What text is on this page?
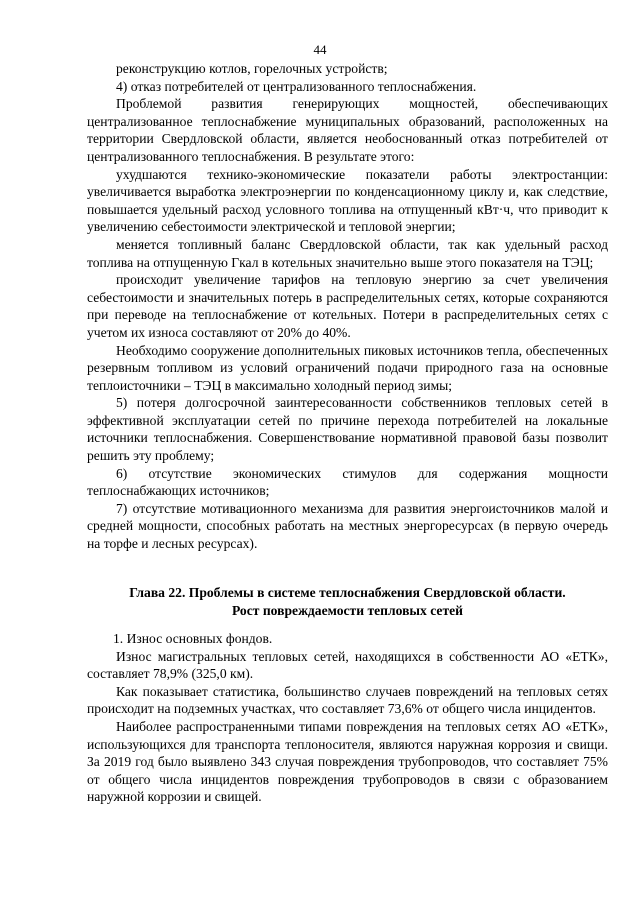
44

реконструкцию котлов, горелочных устройств;

4) отказ потребителей от централизованного теплоснабжения.

Проблемой развития генерирующих мощностей, обеспечивающих централизованное теплоснабжение муниципальных образований, расположенных на территории Свердловской области, является необоснованный отказ потребителей от централизованного теплоснабжения. В результате этого:

ухудшаются технико-экономические показатели работы электростанции: увеличивается выработка электроэнергии по конденсационному циклу и, как следствие, повышается удельный расход условного топлива на отпущенный кВт·ч, что приводит к увеличению себестоимости электрической и тепловой энергии;

меняется топливный баланс Свердловской области, так как удельный расход топлива на отпущенную Гкал в котельных значительно выше этого показателя на ТЭЦ;

происходит увеличение тарифов на тепловую энергию за счет увеличения себестоимости и значительных потерь в распределительных сетях, которые сохраняются при переводе на теплоснабжение от котельных. Потери в распределительных сетях с учетом их износа составляют от 20% до 40%.

Необходимо сооружение дополнительных пиковых источников тепла, обеспеченных резервным топливом из условий ограничений подачи природного газа на основные теплоисточники – ТЭЦ в максимально холодный период зимы;

5) потеря долгосрочной заинтересованности собственников тепловых сетей в эффективной эксплуатации сетей по причине перехода потребителей на локальные источники теплоснабжения. Совершенствование нормативной правовой базы позволит решить эту проблему;

6) отсутствие экономических стимулов для содержания мощности теплоснабжающих источников;

7) отсутствие мотивационного механизма для развития энергоисточников малой и средней мощности, способных работать на местных энергоресурсах (в первую очередь на торфе и лесных ресурсах).

Глава 22. Проблемы в системе теплоснабжения Свердловской области.
Рост повреждаемости тепловых сетей

1. Износ основных фондов.

Износ магистральных тепловых сетей, находящихся в собственности АО «ЕТК», составляет 78,9% (325,0 км).

Как показывает статистика, большинство случаев повреждений на тепловых сетях происходит на подземных участках, что составляет 73,6% от общего числа инцидентов.

Наиболее распространенными типами повреждения на тепловых сетях АО «ЕТК», использующихся для транспорта теплоносителя, являются наружная коррозия и свищи. За 2019 год было выявлено 343 случая повреждения трубопроводов, что составляет 75% от общего числа инцидентов повреждения трубопроводов в связи с образованием наружной коррозии и свищей.
